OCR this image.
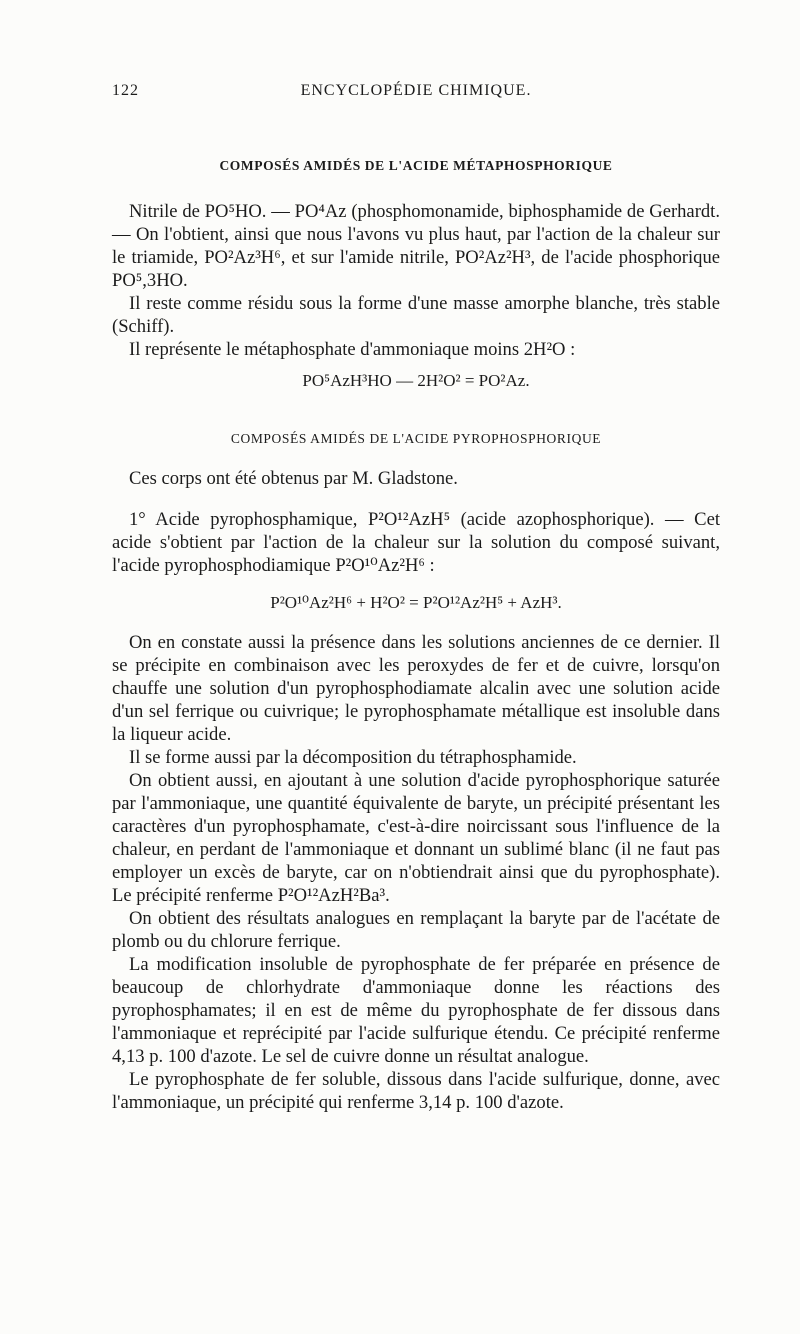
122	ENCYCLOPÉDIE CHIMIQUE.
COMPOSÉS AMIDÉS DE L'ACIDE MÉTAPHOSPHORIQUE

Nitrile de PO⁵HO. — PO⁴Az (phosphomonamide, biphosphamide de Gerhardt. — On l'obtient, ainsi que nous l'avons vu plus haut, par l'action de la chaleur sur le triamide, PO²Az³H⁶, et sur l'amide nitrile, PO²Az²H³, de l'acide phosphorique PO⁵,3HO.

Il reste comme résidu sous la forme d'une masse amorphe blanche, très stable (Schiff).

Il représente le métaphosphate d'ammoniaque moins 2H²O :

PO⁵AzH³HO — 2H²O² = PO²Az.

COMPOSÉS AMIDÉS DE L'ACIDE PYROPHOSPHORIQUE

Ces corps ont été obtenus par M. Gladstone.

1° Acide pyrophosphamique, P²O¹²AzH⁵ (acide azophosphorique). — Cet acide s'obtient par l'action de la chaleur sur la solution du composé suivant, l'acide pyrophosphodiamique P²O¹⁰Az²H⁶ :

P²O¹⁰Az²H⁶ + H²O² = P²O¹²Az²H⁵ + AzH³.

On en constate aussi la présence dans les solutions anciennes de ce dernier. Il se précipite en combinaison avec les peroxydes de fer et de cuivre, lorsqu'on chauffe une solution d'un pyrophosphodiamate alcalin avec une solution acide d'un sel ferrique ou cuivrique; le pyrophosphamate métallique est insoluble dans la liqueur acide.

Il se forme aussi par la décomposition du tétraphosphamide.

On obtient aussi, en ajoutant à une solution d'acide pyrophosphorique saturée par l'ammoniaque, une quantité équivalente de baryte, un précipité présentant les caractères d'un pyrophosphamate, c'est-à-dire noircissant sous l'influence de la chaleur, en perdant de l'ammoniaque et donnant un sublimé blanc (il ne faut pas employer un excès de baryte, car on n'obtiendrait ainsi que du pyrophosphate). Le précipité renferme P²O¹²AzH²Ba³.

On obtient des résultats analogues en remplaçant la baryte par de l'acétate de plomb ou du chlorure ferrique.

La modification insoluble de pyrophosphate de fer préparée en présence de beaucoup de chlorhydrate d'ammoniaque donne les réactions des pyrophosphamates; il en est de même du pyrophosphate de fer dissous dans l'ammoniaque et reprécipité par l'acide sulfurique étendu. Ce précipité renferme 4,13 p. 100 d'azote. Le sel de cuivre donne un résultat analogue.

Le pyrophosphate de fer soluble, dissous dans l'acide sulfurique, donne, avec l'ammoniaque, un précipité qui renferme 3,14 p. 100 d'azote.
